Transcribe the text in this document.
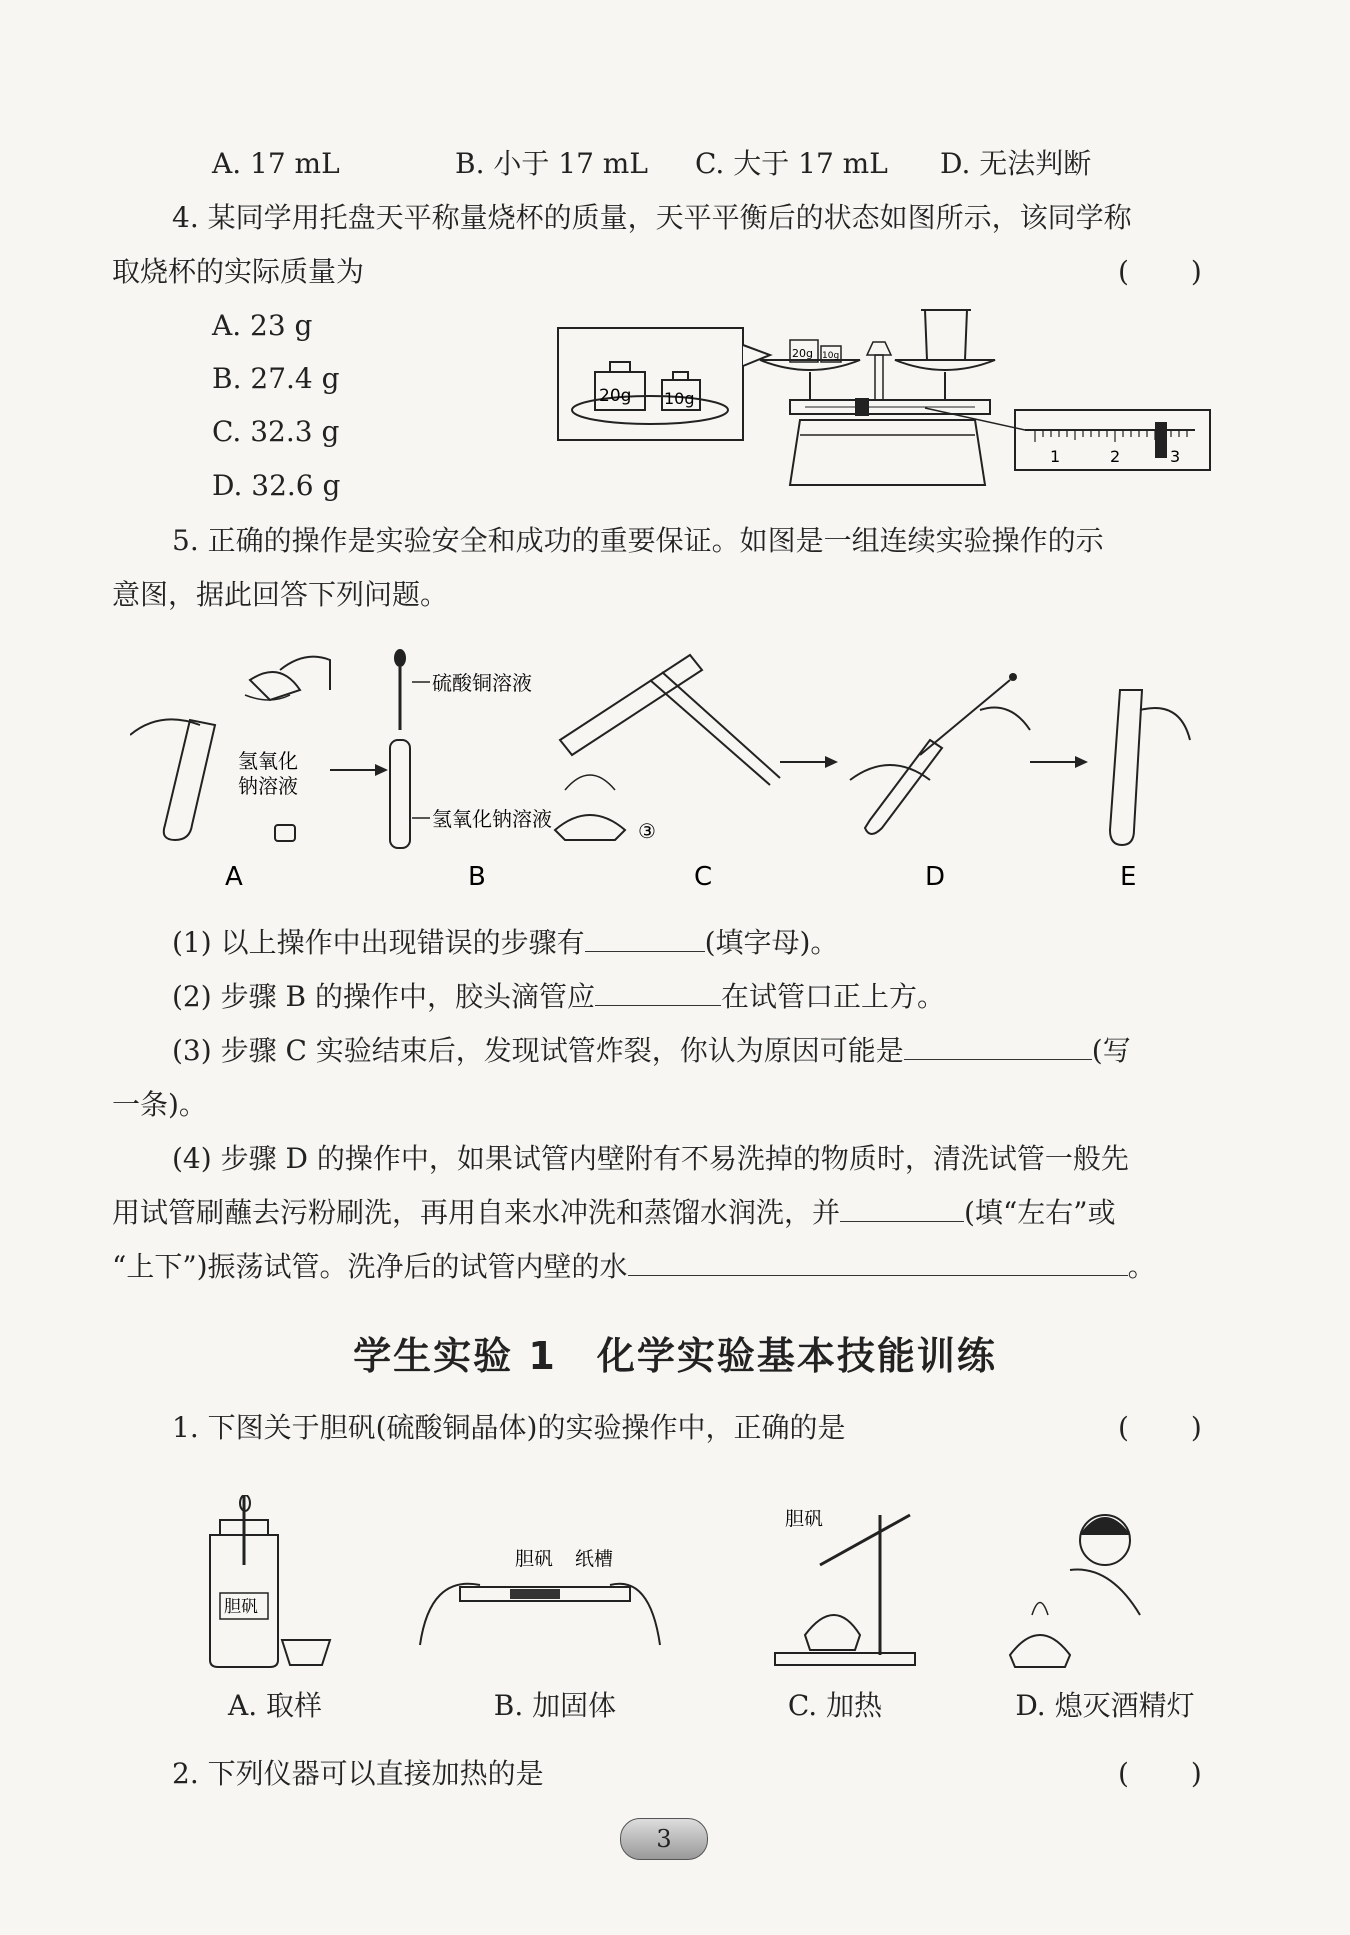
A. 17 mL	B. 小于 17 mL C. 大于 17 mL D. 无法判断
4. 某同学用托盘天平称量烧杯的质量，天平平衡后的状态如图所示，该同学称
取烧杯的实际质量为	(　　)
A. 23 g
B. 27.4 g
C. 32.3 g
D. 32.6 g
20g 10g
20g 10g
1	2	3
5. 正确的操作是实验安全和成功的重要保证。如图是一组连续实验操作的示
意图，据此回答下列问题。
氢氧化
钠溶液
硫酸铜溶液
氢氧化钠溶液	③
A	B	C	D	E
(1) 以上操作中出现错误的步骤有	(填字母)。
(2) 步骤 B 的操作中，胶头滴管应	在试管口正上方。
(3) 步骤 C 实验结束后，发现试管炸裂，你认为原因可能是	(写
一条)。
(4) 步骤 D 的操作中，如果试管内壁附有不易洗掉的物质时，清洗试管一般先
用试管刷蘸去污粉刷洗，再用自来水冲洗和蒸馏水润洗，并	(填“左右”或
“上下”)振荡试管。洗净后的试管内壁的水	。
学生实验 1　化学实验基本技能训练
1. 下图关于胆矾(硫酸铜晶体)的实验操作中，正确的是	(　　)
胆矾
胆矾 纸槽
胆矾
A. 取样	B. 加固体	C. 加热	D. 熄灭酒精灯
2. 下列仪器可以直接加热的是	(　　)
3
